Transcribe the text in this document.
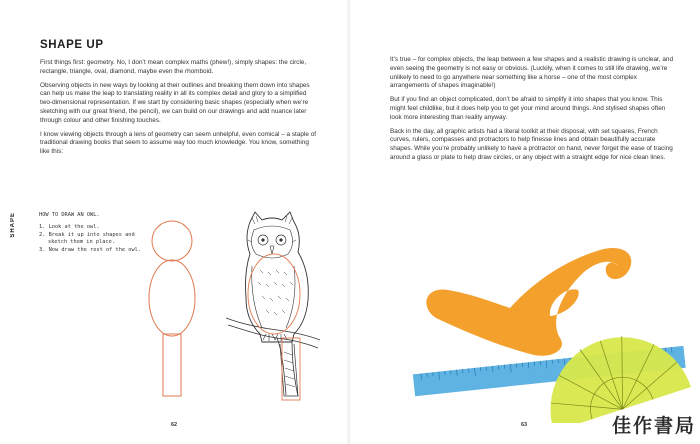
SHAPE UP

First things first: geometry. No, I don’t mean complex maths (phew!), simply shapes: the circle, rectangle, triangle, oval, diamond, maybe even the rhomboid.

Observing objects in new ways by looking at their outlines and breaking them down into shapes can help us make the leap to translating reality in all its complex detail and glory to a simplified two-dimensional representation. If we start by considering basic shapes (especially when we’re sketching with our great friend, the pencil), we can build on our drawings and add nuance later through colour and other finishing touches.

I know viewing objects through a lens of geometry can seem unhelpful, even comical – a staple of traditional drawing books that seem to assume way too much knowledge. You know, something like this:

SHAPE	HOW TO DRAW AN OWL.
1. Look at the owl.
2. Break it up into shapes and sketch them in place.
3. Now draw the rest of the owl.
62

It’s true – for complex objects, the leap between a few shapes and a realistic drawing is unclear, and even seeing the geometry is not easy or obvious. (Luckily, when it comes to still life drawing, we’re unlikely to need to go anywhere near something like a horse – one of the most complex arrangements of shapes imaginable!)

But if you find an object complicated, don’t be afraid to simplify it into shapes that you know. This might feel childlike, but it does help you to get your mind around things. And stylised shapes often look more interesting than reality anyway.

Back in the day, all graphic artists had a literal toolkit at their disposal, with set squares, French curves, rulers, compasses and protractors to help finesse lines and obtain beautifully accurate shapes. While you’re probably unlikely to have a protractor on hand, never forget the ease of tracing around a glass or plate to help draw circles, or any object with a straight edge for nice clean lines.

63	佳作書局
